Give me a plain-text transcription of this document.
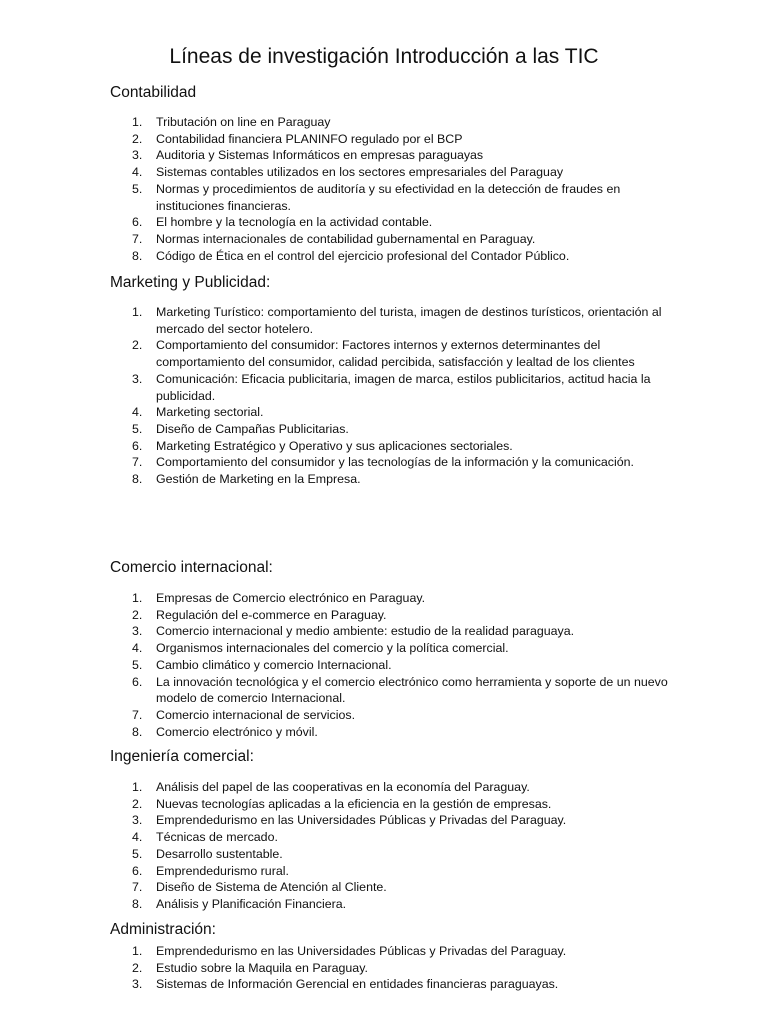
Líneas de investigación Introducción a las TIC
Contabilidad
1. Tributación on line en Paraguay
2. Contabilidad financiera PLANINFO regulado por el BCP
3. Auditoria y Sistemas Informáticos en empresas paraguayas
4. Sistemas contables utilizados en los sectores empresariales del Paraguay
5. Normas y procedimientos de auditoría y su efectividad en la detección de fraudes en instituciones financieras.
6. El hombre y la tecnología en la actividad contable.
7. Normas internacionales de contabilidad gubernamental en Paraguay.
8. Código de Ética en el control del ejercicio profesional del Contador Público.
Marketing y Publicidad:
1. Marketing Turístico: comportamiento del turista, imagen de destinos turísticos, orientación al mercado del sector hotelero.
2. Comportamiento del consumidor: Factores internos y externos determinantes del comportamiento del consumidor, calidad percibida, satisfacción y lealtad de los clientes
3. Comunicación: Eficacia publicitaria, imagen de marca, estilos publicitarios, actitud hacia la publicidad.
4. Marketing sectorial.
5. Diseño de Campañas Publicitarias.
6. Marketing Estratégico y Operativo y sus aplicaciones sectoriales.
7. Comportamiento del consumidor y las tecnologías de la información y la comunicación.
8. Gestión de Marketing en la Empresa.
Comercio internacional:
1. Empresas de Comercio electrónico en Paraguay.
2. Regulación del e-commerce en Paraguay.
3. Comercio internacional y medio ambiente: estudio de la realidad paraguaya.
4. Organismos internacionales del comercio y la política comercial.
5. Cambio climático y comercio Internacional.
6. La innovación tecnológica y el comercio electrónico como herramienta y soporte de un nuevo modelo de comercio Internacional.
7. Comercio internacional de servicios.
8. Comercio electrónico y móvil.
Ingeniería comercial:
1. Análisis del papel de las cooperativas en la economía del Paraguay.
2. Nuevas tecnologías aplicadas a la eficiencia en la gestión de empresas.
3. Emprendedurismo en las Universidades Públicas y Privadas del Paraguay.
4. Técnicas de mercado.
5. Desarrollo sustentable.
6. Emprendedurismo rural.
7. Diseño de Sistema de Atención al Cliente.
8. Análisis y Planificación Financiera.
Administración:
1. Emprendedurismo en las Universidades Públicas y Privadas del Paraguay.
2. Estudio sobre la Maquila en Paraguay.
3. Sistemas de Información Gerencial en entidades financieras paraguayas.
